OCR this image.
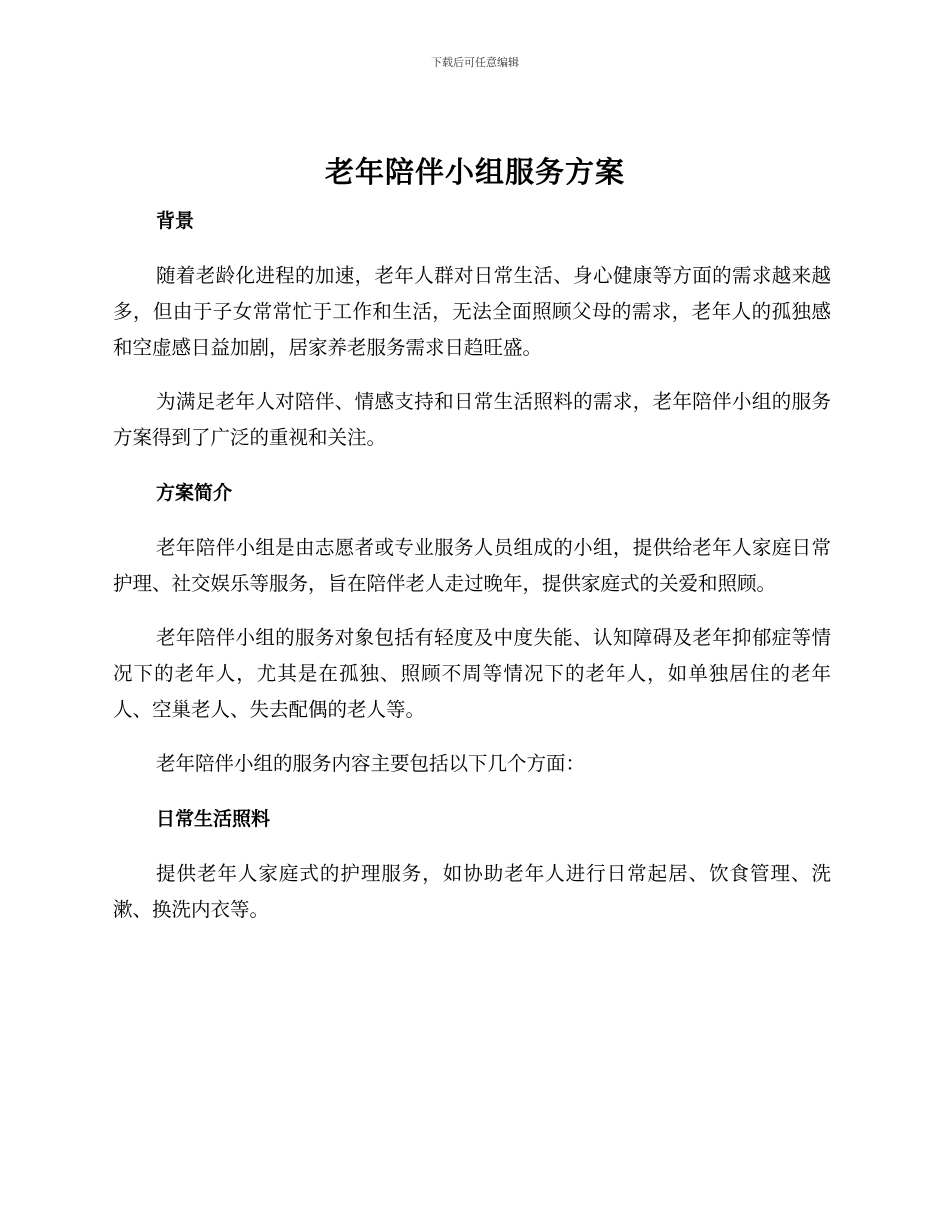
下载后可任意编辑
老年陪伴小组服务方案
背景

随着老龄化进程的加速，老年人群对日常生活、身心健康等方面的需求越来越多，但由于子女常常忙于工作和生活，无法全面照顾父母的需求，老年人的孤独感和空虚感日益加剧，居家养老服务需求日趋旺盛。

为满足老年人对陪伴、情感支持和日常生活照料的需求，老年陪伴小组的服务方案得到了广泛的重视和关注。

方案简介

老年陪伴小组是由志愿者或专业服务人员组成的小组，提供给老年人家庭日常护理、社交娱乐等服务，旨在陪伴老人走过晚年，提供家庭式的关爱和照顾。

老年陪伴小组的服务对象包括有轻度及中度失能、认知障碍及老年抑郁症等情况下的老年人，尤其是在孤独、照顾不周等情况下的老年人，如单独居住的老年人、空巢老人、失去配偶的老人等。

老年陪伴小组的服务内容主要包括以下几个方面：

日常生活照料

提供老年人家庭式的护理服务，如协助老年人进行日常起居、饮食管理、洗漱、换洗内衣等。
